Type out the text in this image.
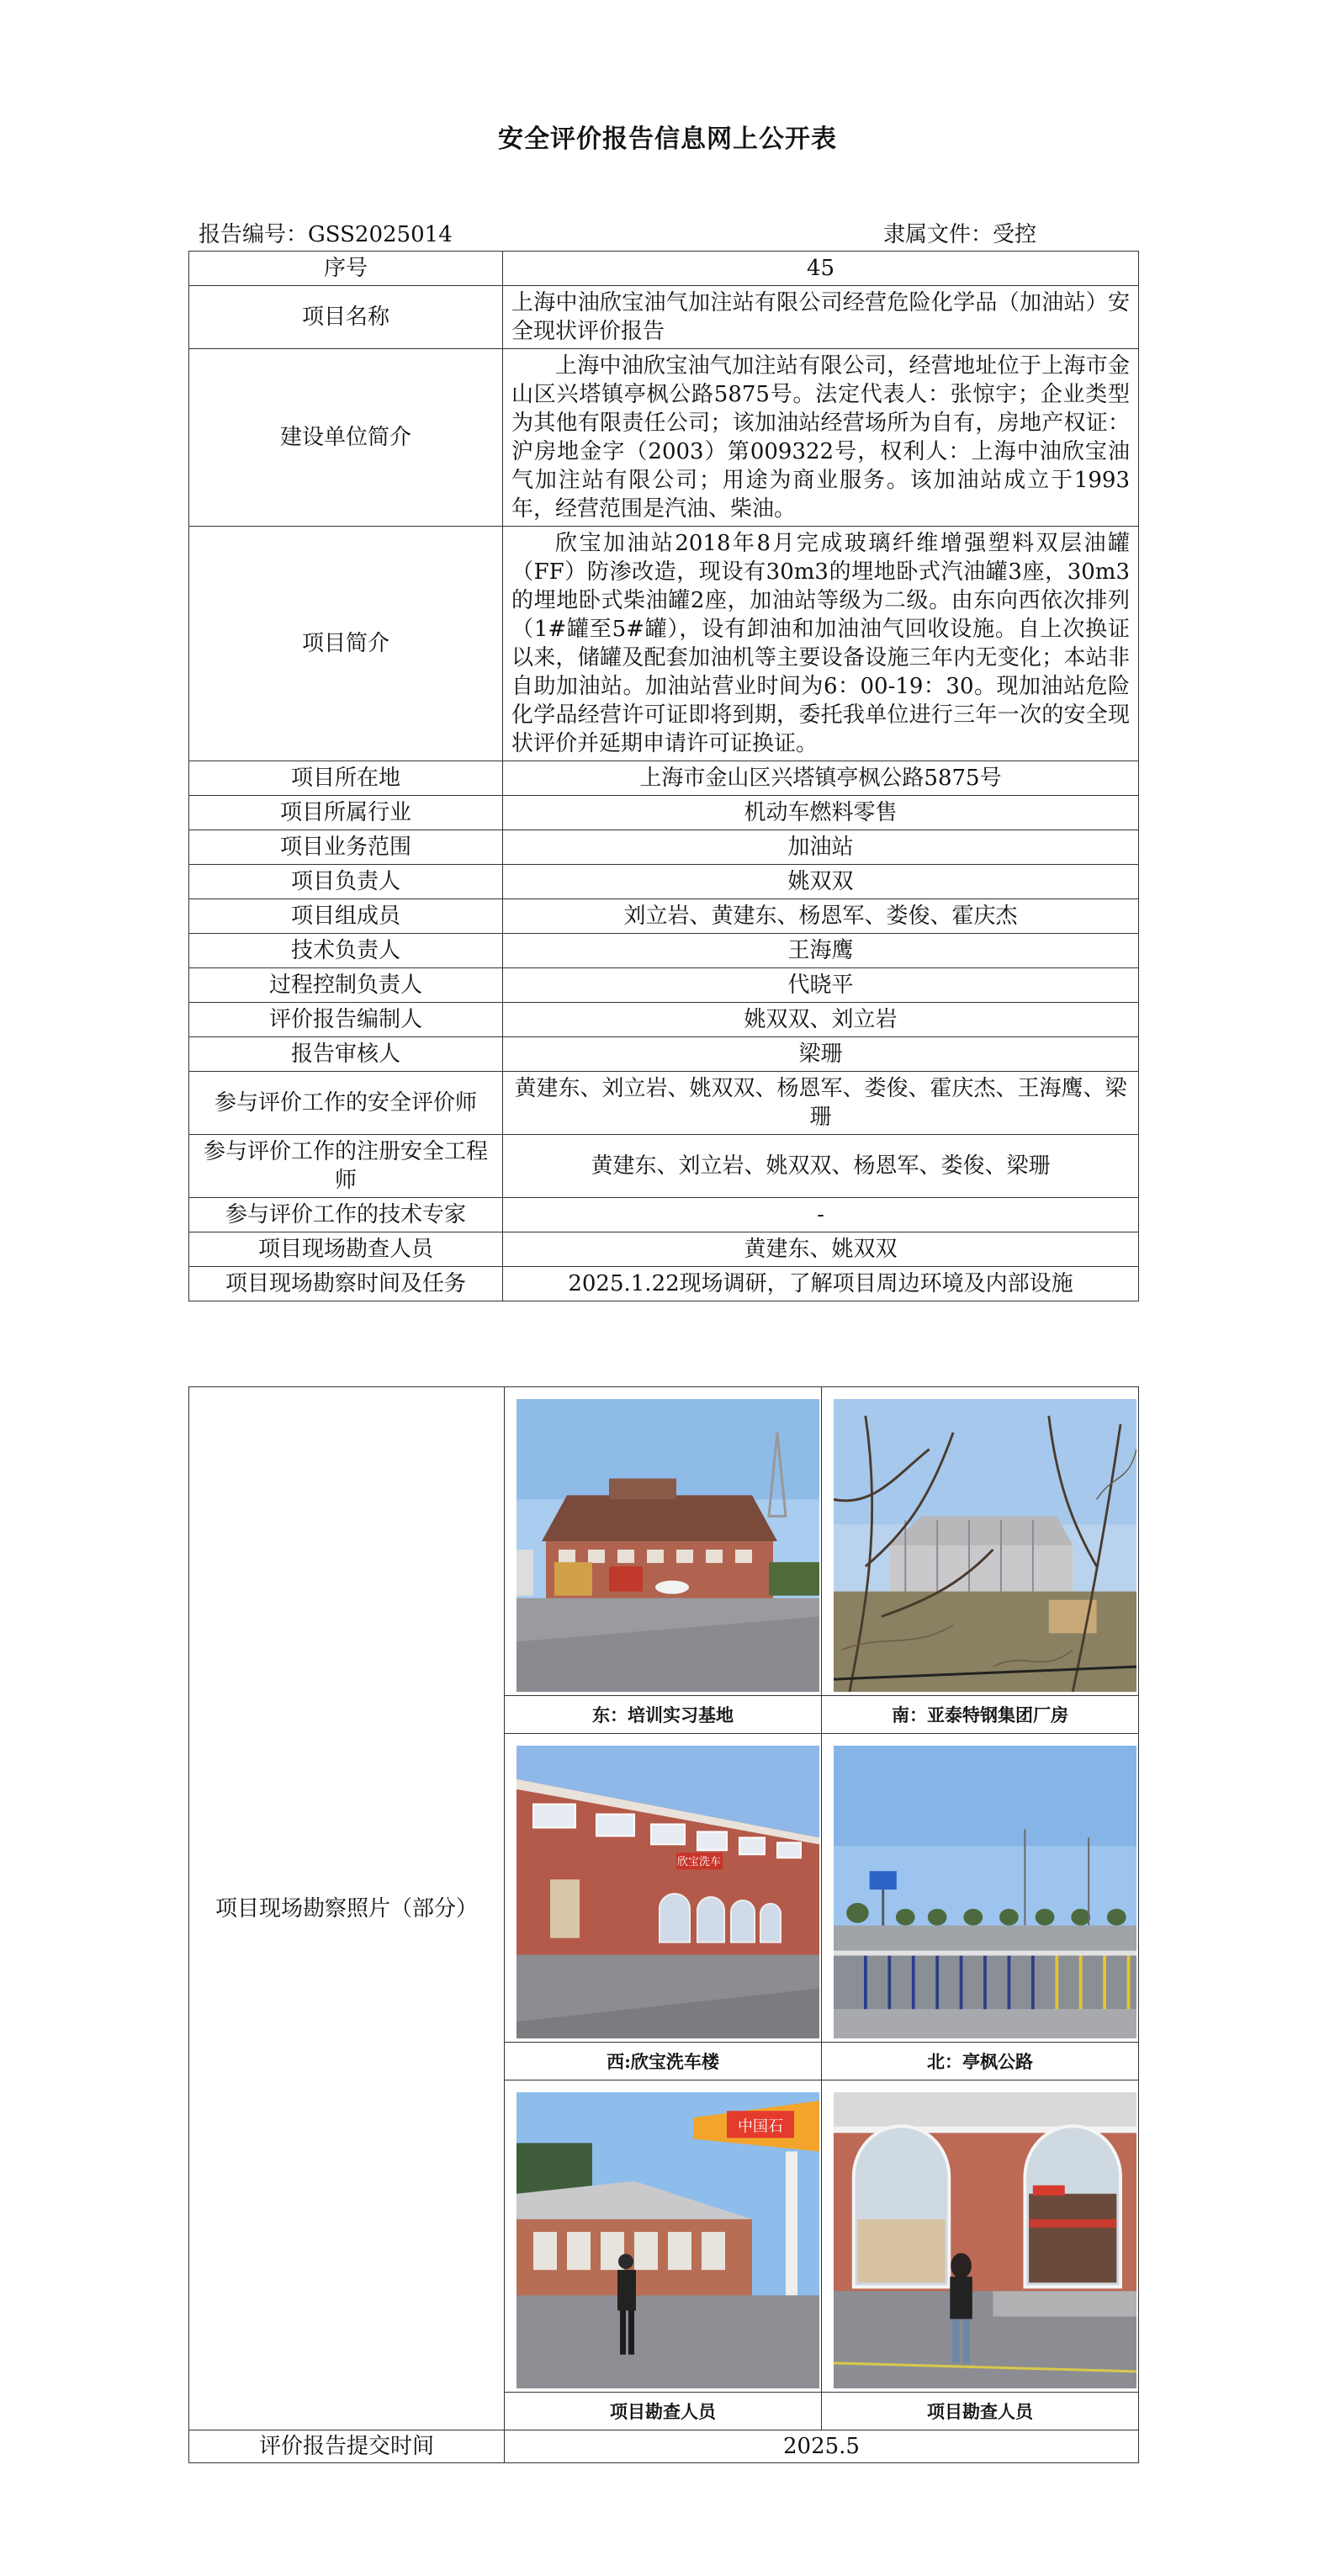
安全评价报告信息网上公开表
报告编号：GSS2025014	隶属文件：受控
序号	45
项目名称	上海中油欣宝油气加注站有限公司经营危险化学品（加油站）安全现状评价报告
建设单位简介	上海中油欣宝油气加注站有限公司，经营地址位于上海市金山区兴塔镇亭枫公路5875号。法定代表人：张惊宇；企业类型为其他有限责任公司；该加油站经营场所为自有，房地产权证：沪房地金字（2003）第009322号，权利人：上海中油欣宝油气加注站有限公司；用途为商业服务。该加油站成立于1993年，经营范围是汽油、柴油。

项目简介	欣宝加油站2018年8月完成玻璃纤维增强塑料双层油罐（FF）防渗改造，现设有30m3的埋地卧式汽油罐3座，30m3的埋地卧式柴油罐2座，加油站等级为二级。由东向西依次排列（1#罐至5#罐），设有卸油和加油油气回收设施。自上次换证以来，储罐及配套加油机等主要设备设施三年内无变化；本站非自助加油站。加油站营业时间为6：00-19：30。现加油站危险化学品经营许可证即将到期，委托我单位进行三年一次的安全现状评价并延期申请许可证换证。

项目所在地	上海市金山区兴塔镇亭枫公路5875号
项目所属行业	机动车燃料零售
项目业务范围	加油站
项目负责人	姚双双
项目组成员	刘立岩、黄建东、杨恩军、娄俊、霍庆杰
技术负责人	王海鹰
过程控制负责人	代晓平
评价报告编制人	姚双双、刘立岩
报告审核人	梁珊
参与评价工作的安全评价师	黄建东、刘立岩、姚双双、杨恩军、娄俊、霍庆杰、王海鹰、梁珊
参与评价工作的注册安全工程师	黄建东、刘立岩、姚双双、杨恩军、娄俊、梁珊
参与评价工作的技术专家	-
项目现场勘查人员	黄建东、姚双双
项目现场勘察时间及任务	2025.1.22现场调研，了解项目周边环境及内部设施
项目现场勘察照片（部分）	

	东：培训实习基地	南：亚泰特钢集团厂房

欣宝洗车

	西:欣宝洗车楼	北：亭枫公路

中国石

	项目勘查人员	项目勘查人员
评价报告提交时间	2025.5	
